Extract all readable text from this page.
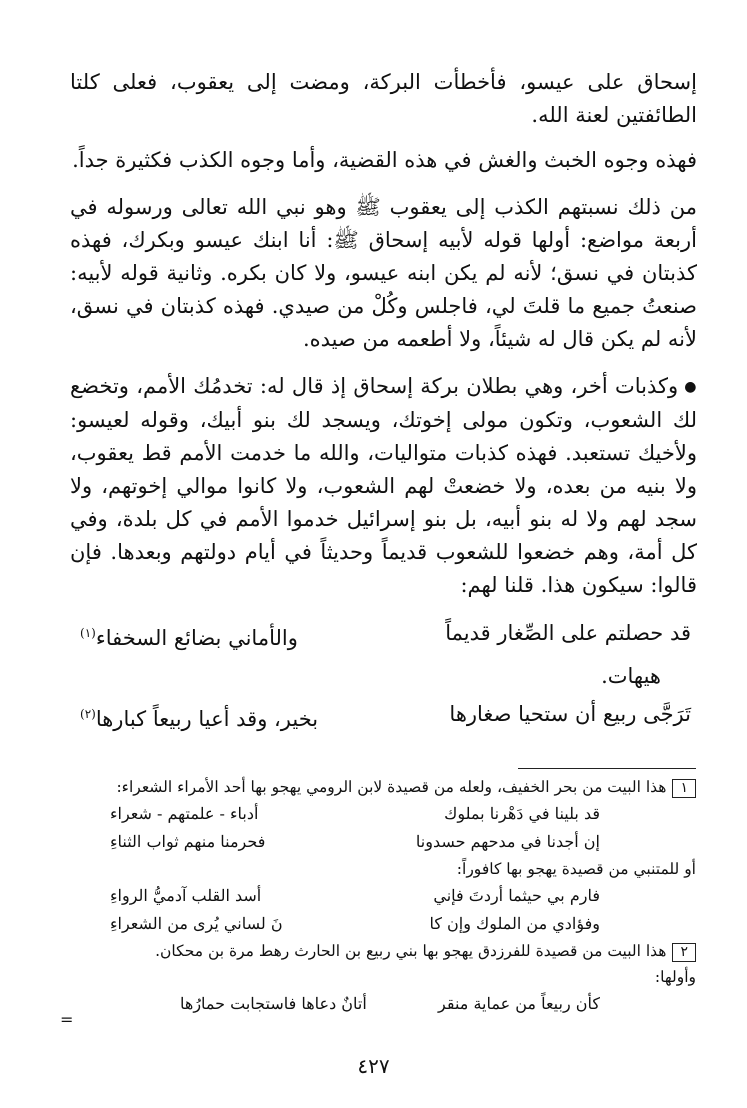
إسحاق على عيسو، فأخطأت البركة، ومضت إلى يعقوب، فعلى كلتا الطائفتين لعنة الله.

فهذه وجوه الخبث والغش في هذه القضية، وأما وجوه الكذب فكثيرة جداً.

من ذلك نسبتهم الكذب إلى يعقوب ﷺ وهو نبي الله تعالى ورسوله في أربعة مواضع: أولها قوله لأبيه إسحاق ﷺ: أنا ابنك عيسو وبكرك، فهذه كذبتان في نسق؛ لأنه لم يكن ابنه عيسو، ولا كان بكره. وثانية قوله لأبيه: صنعتُ جميع ما قلتَ لي، فاجلس وكُلْ من صيدي. فهذه كذبتان في نسق، لأنه لم يكن قال له شيئاً، ولا أطعمه من صيده.

●وكذبات أخر، وهي بطلان بركة إسحاق إذ قال له: تخدمُك الأمم، وتخضع لك الشعوب، وتكون مولى إخوتك، ويسجد لك بنو أبيك، وقوله لعيسو: ولأخيك تستعبد. فهذه كذبات متواليات، والله ما خدمت الأمم قط يعقوب، ولا بنيه من بعده، ولا خضعتْ لهم الشعوب، ولا كانوا موالي إخوتهم، ولا سجد لهم ولا له بنو أبيه، بل بنو إسرائيل خدموا الأمم في كل بلدة، وفي كل أمة، وهم خضعوا للشعوب قديماً وحديثاً في أيام دولتهم وبعدها. فإن قالوا: سيكون هذا. قلنا لهم:

قد حصلتم على الصِّغار قديماً
والأماني بضائع السخفاء$^{(١)}$
هيهات.
تَرَجَّى ربيع أن ستحيا صغارها
بخير، وقد أعيا ربيعاً كبارها$^{(٢)}$

١هذا البيت من بحر الخفيف، ولعله من قصيدة لابن الرومي يهجو بها أحد الأمراء الشعراء:

قد بلينا في دَهْرنا بملوك
أدباء - علمتهم - شعراء
إن أجدنا في مدحهم حسدونا
فحرمنا منهم ثواب الثناءِ

أو للمتنبي من قصيدة يهجو بها كافوراً:

فارم بي حيثما أردتَ فإني
أسد القلب آدميُّ الرواءِ
وفؤادي من الملوك وإن كا
نَ لساني يُرى من الشعراءِ

٢هذا البيت من قصيدة للفرزدق يهجو بها بني ربيع بن الحارث رهط مرة بن محكان.

وأولها:

كأن ربيعاً من عماية منقر
أتانٌ دعاها فاستجابت حمارُها
=
٤٢٧
